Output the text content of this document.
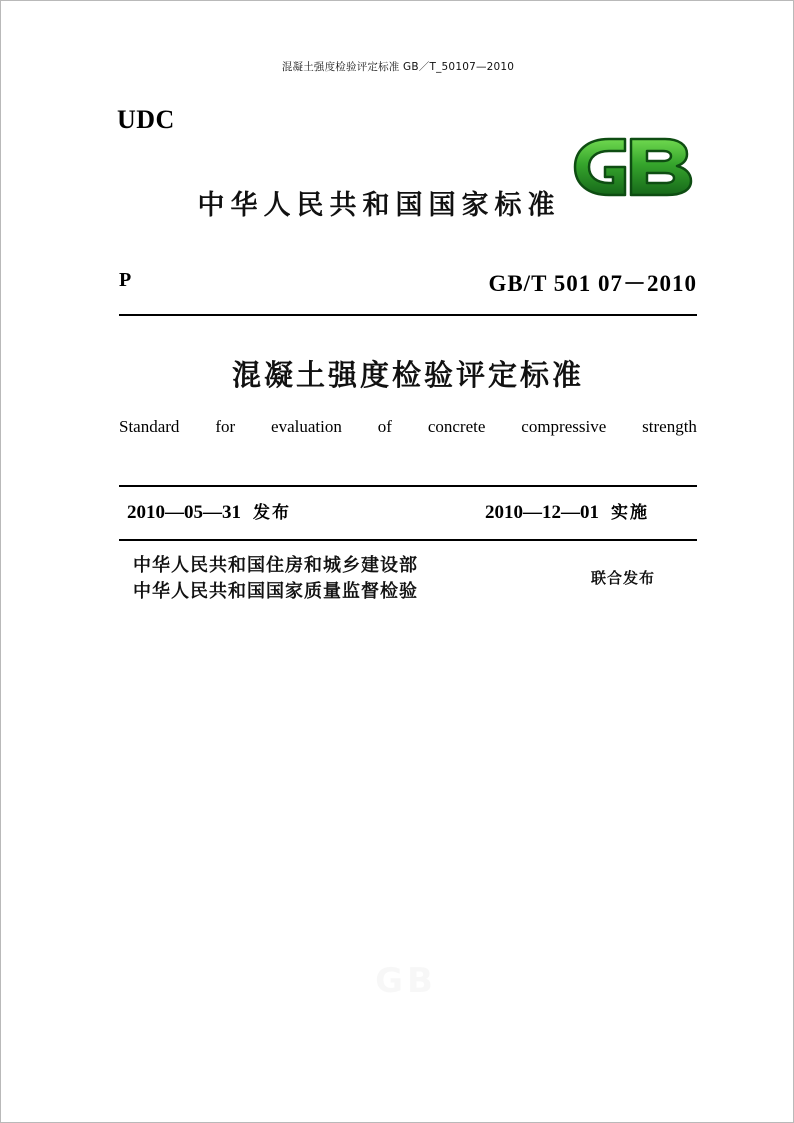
混凝土强度检验评定标准 GB／T_50107—2010
UDC
中华人民共和国国家标准
P	GB/T 501 07－2010
混凝土强度检验评定标准
Standard for evaluation of concrete compressive strength
2010—05—31 发布	2010—12—01 实施
中华人民共和国住房和城乡建设部
中华人民共和国国家质量监督检验
联合发布
GB
